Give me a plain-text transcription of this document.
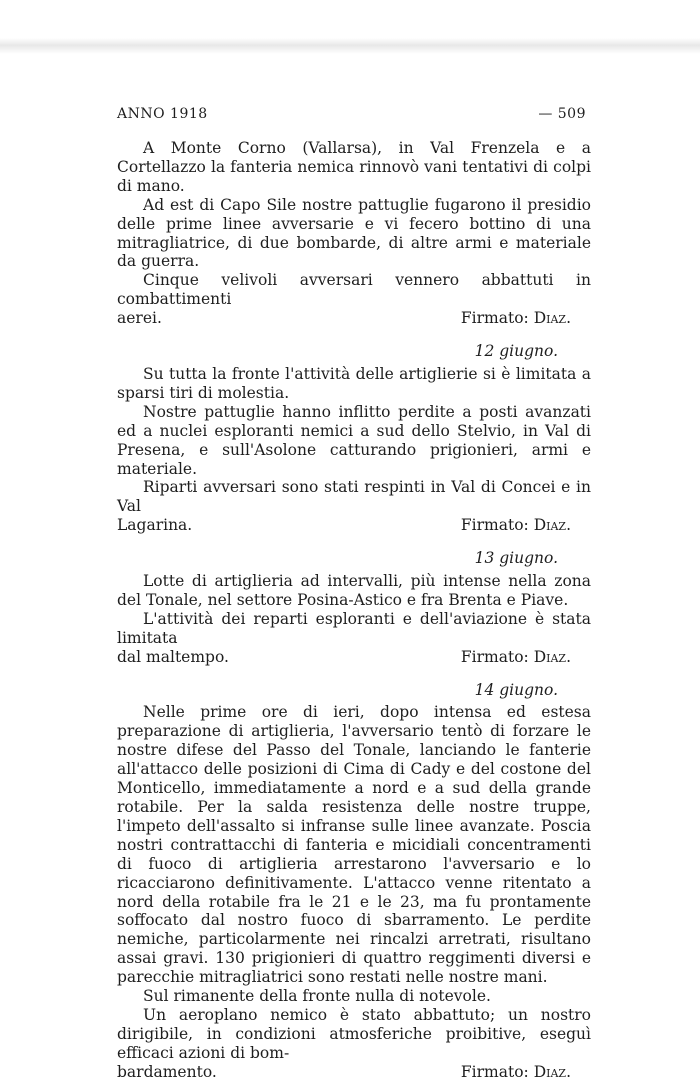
ANNO 1918	— 509

A Monte Corno (Vallarsa), in Val Frenzela e a Cortellazzo la fanteria nemica rinnovò vani tentativi di colpi di mano.

Ad est di Capo Sile nostre pattuglie fugarono il presidio delle prime linee avversarie e vi fecero bottino di una mitragliatrice, di due bombarde, di altre armi e materiale da guerra.

Cinque velivoli avversari vennero abbattuti in combattimenti

aerei.	Firmato: Diaz.
12 giugno.

Su tutta la fronte l'attività delle artiglierie si è limitata a sparsi tiri di molestia.

Nostre pattuglie hanno inflitto perdite a posti avanzati ed a nuclei esploranti nemici a sud dello Stelvio, in Val di Presena, e sull'Asolone catturando prigionieri, armi e materiale.

Riparti avversari sono stati respinti in Val di Concei e in Val

Lagarina.	Firmato: Diaz.
13 giugno.

Lotte di artiglieria ad intervalli, più intense nella zona del Tonale, nel settore Posina-Astico e fra Brenta e Piave.

L'attività dei reparti esploranti e dell'aviazione è stata limitata

dal maltempo.	Firmato: Diaz.
14 giugno.

Nelle prime ore di ieri, dopo intensa ed estesa preparazione di artiglieria, l'avversario tentò di forzare le nostre difese del Passo del Tonale, lanciando le fanterie all'attacco delle posizioni di Cima di Cady e del costone del Monticello, immediatamente a nord e a sud della grande rotabile. Per la salda resistenza delle nostre truppe, l'impeto dell'assalto si infranse sulle linee avanzate. Poscia nostri contrattacchi di fanteria e micidiali concentramenti di fuoco di artiglieria arrestarono l'avversario e lo ricacciarono definitivamente. L'attacco venne ritentato a nord della rotabile fra le 21 e le 23, ma fu prontamente soffocato dal nostro fuoco di sbarramento. Le perdite nemiche, particolarmente nei rincalzi arretrati, risultano assai gravi. 130 prigionieri di quattro reggimenti diversi e parecchie mitragliatrici sono restati nelle nostre mani.

Sul rimanente della fronte nulla di notevole.

Un aeroplano nemico è stato abbattuto; un nostro dirigibile, in condizioni atmosferiche proibitive, eseguì efficaci azioni di bom-

bardamento.	Firmato: Diaz.
